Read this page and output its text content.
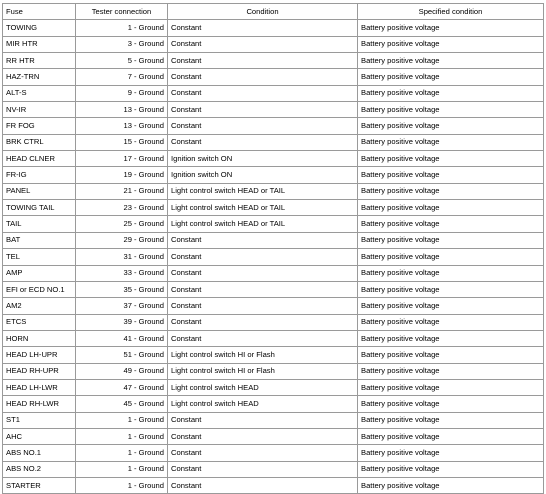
Fuse	Tester connection	Condition	Specified condition
TOWING	1 - Ground	Constant	Battery positive voltage
MIR HTR	3 - Ground	Constant	Battery positive voltage
RR HTR	5 - Ground	Constant	Battery positive voltage
HAZ-TRN	7 - Ground	Constant	Battery positive voltage
ALT-S	9 - Ground	Constant	Battery positive voltage
NV-IR	13 - Ground	Constant	Battery positive voltage
FR FOG	13 - Ground	Constant	Battery positive voltage
BRK CTRL	15 - Ground	Constant	Battery positive voltage
HEAD CLNER	17 - Ground	Ignition switch ON	Battery positive voltage
FR-IG	19 - Ground	Ignition switch ON	Battery positive voltage
PANEL	21 - Ground	Light control switch HEAD or TAIL	Battery positive voltage
TOWING TAIL	23 - Ground	Light control switch HEAD or TAIL	Battery positive voltage
TAIL	25 - Ground	Light control switch HEAD or TAIL	Battery positive voltage
BAT	29 - Ground	Constant	Battery positive voltage
TEL	31 - Ground	Constant	Battery positive voltage
AMP	33 - Ground	Constant	Battery positive voltage
EFI or ECD NO.1	35 - Ground	Constant	Battery positive voltage
AM2	37 - Ground	Constant	Battery positive voltage
ETCS	39 - Ground	Constant	Battery positive voltage
HORN	41 - Ground	Constant	Battery positive voltage
HEAD LH-UPR	51 - Ground	Light control switch HI or Flash	Battery positive voltage
HEAD RH-UPR	49 - Ground	Light control switch HI or Flash	Battery positive voltage
HEAD LH-LWR	47 - Ground	Light control switch HEAD	Battery positive voltage
HEAD RH-LWR	45 - Ground	Light control switch HEAD	Battery positive voltage
ST1	1 - Ground	Constant	Battery positive voltage
AHC	1 - Ground	Constant	Battery positive voltage
ABS NO.1	1 - Ground	Constant	Battery positive voltage
ABS NO.2	1 - Ground	Constant	Battery positive voltage
STARTER	1 - Ground	Constant	Battery positive voltage
